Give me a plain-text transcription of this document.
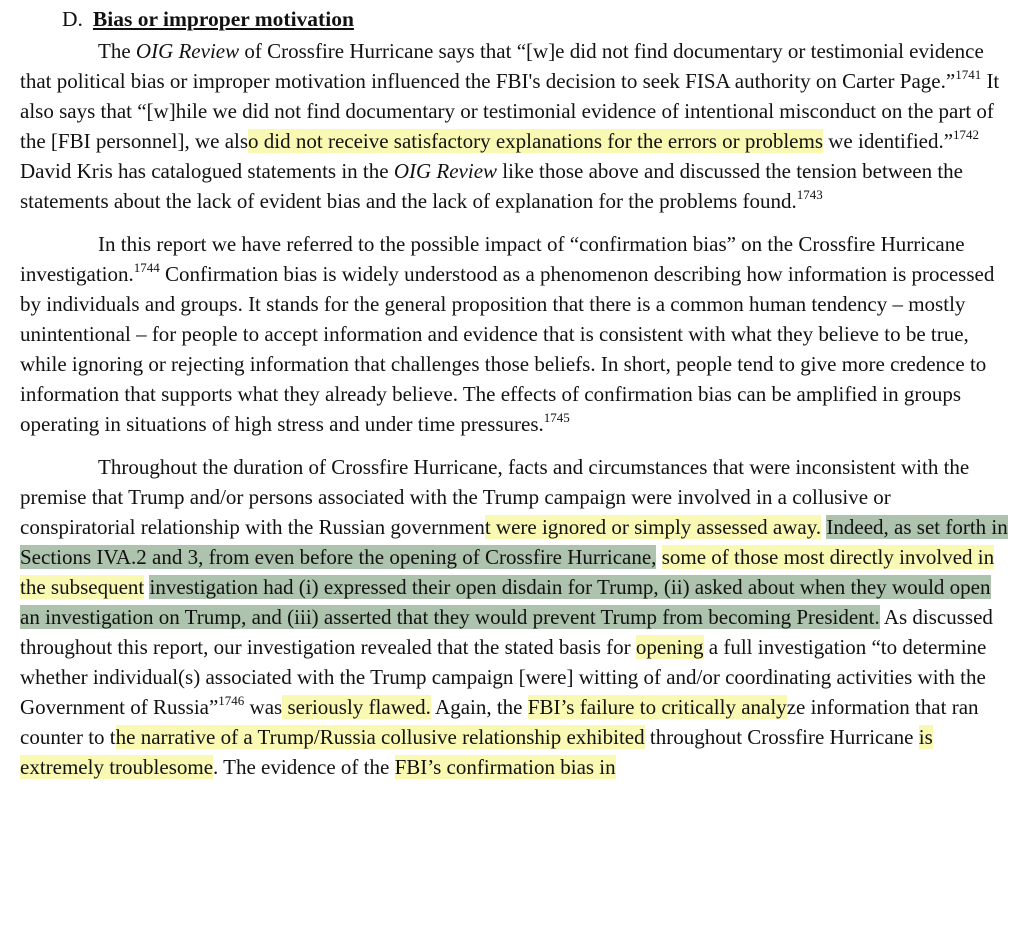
D. Bias or improper motivation

The OIG Review of Crossfire Hurricane says that “[w]e did not find documentary or testimonial evidence that political bias or improper motivation influenced the FBI's decision to seek FISA authority on Carter Page.”$^{1741}$ It also says that “[w]hile we did not find documentary or testimonial evidence of intentional misconduct on the part of the [FBI personnel], we also did not receive satisfactory explanations for the errors or problems we identified.”$^{1742}$ David Kris has catalogued statements in the OIG Review like those above and discussed the tension between the statements about the lack of evident bias and the lack of explanation for the problems found.$^{1743}$

In this report we have referred to the possible impact of “confirmation bias” on the Crossfire Hurricane investigation.$^{1744}$ Confirmation bias is widely understood as a phenomenon describing how information is processed by individuals and groups. It stands for the general proposition that there is a common human tendency – mostly unintentional – for people to accept information and evidence that is consistent with what they believe to be true, while ignoring or rejecting information that challenges those beliefs. In short, people tend to give more credence to information that supports what they already believe. The effects of confirmation bias can be amplified in groups operating in situations of high stress and under time pressures.$^{1745}$

Throughout the duration of Crossfire Hurricane, facts and circumstances that were inconsistent with the premise that Trump and/or persons associated with the Trump campaign were involved in a collusive or conspiratorial relationship with the Russian government were ignored or simply assessed away. Indeed, as set forth in Sections IVA.2 and 3, from even before the opening of Crossfire Hurricane, some of those most directly involved in the subsequent investigation had (i) expressed their open disdain for Trump, (ii) asked about when they would open an investigation on Trump, and (iii) asserted that they would prevent Trump from becoming President. As discussed throughout this report, our investigation revealed that the stated basis for opening a full investigation “to determine whether individual(s) associated with the Trump campaign [were] witting of and/or coordinating activities with the Government of Russia”$^{1746}$ was seriously flawed. Again, the FBI’s failure to critically analyze information that ran counter to the narrative of a Trump/Russia collusive relationship exhibited throughout Crossfire Hurricane is extremely troublesome. The evidence of the FBI’s confirmation bias in
